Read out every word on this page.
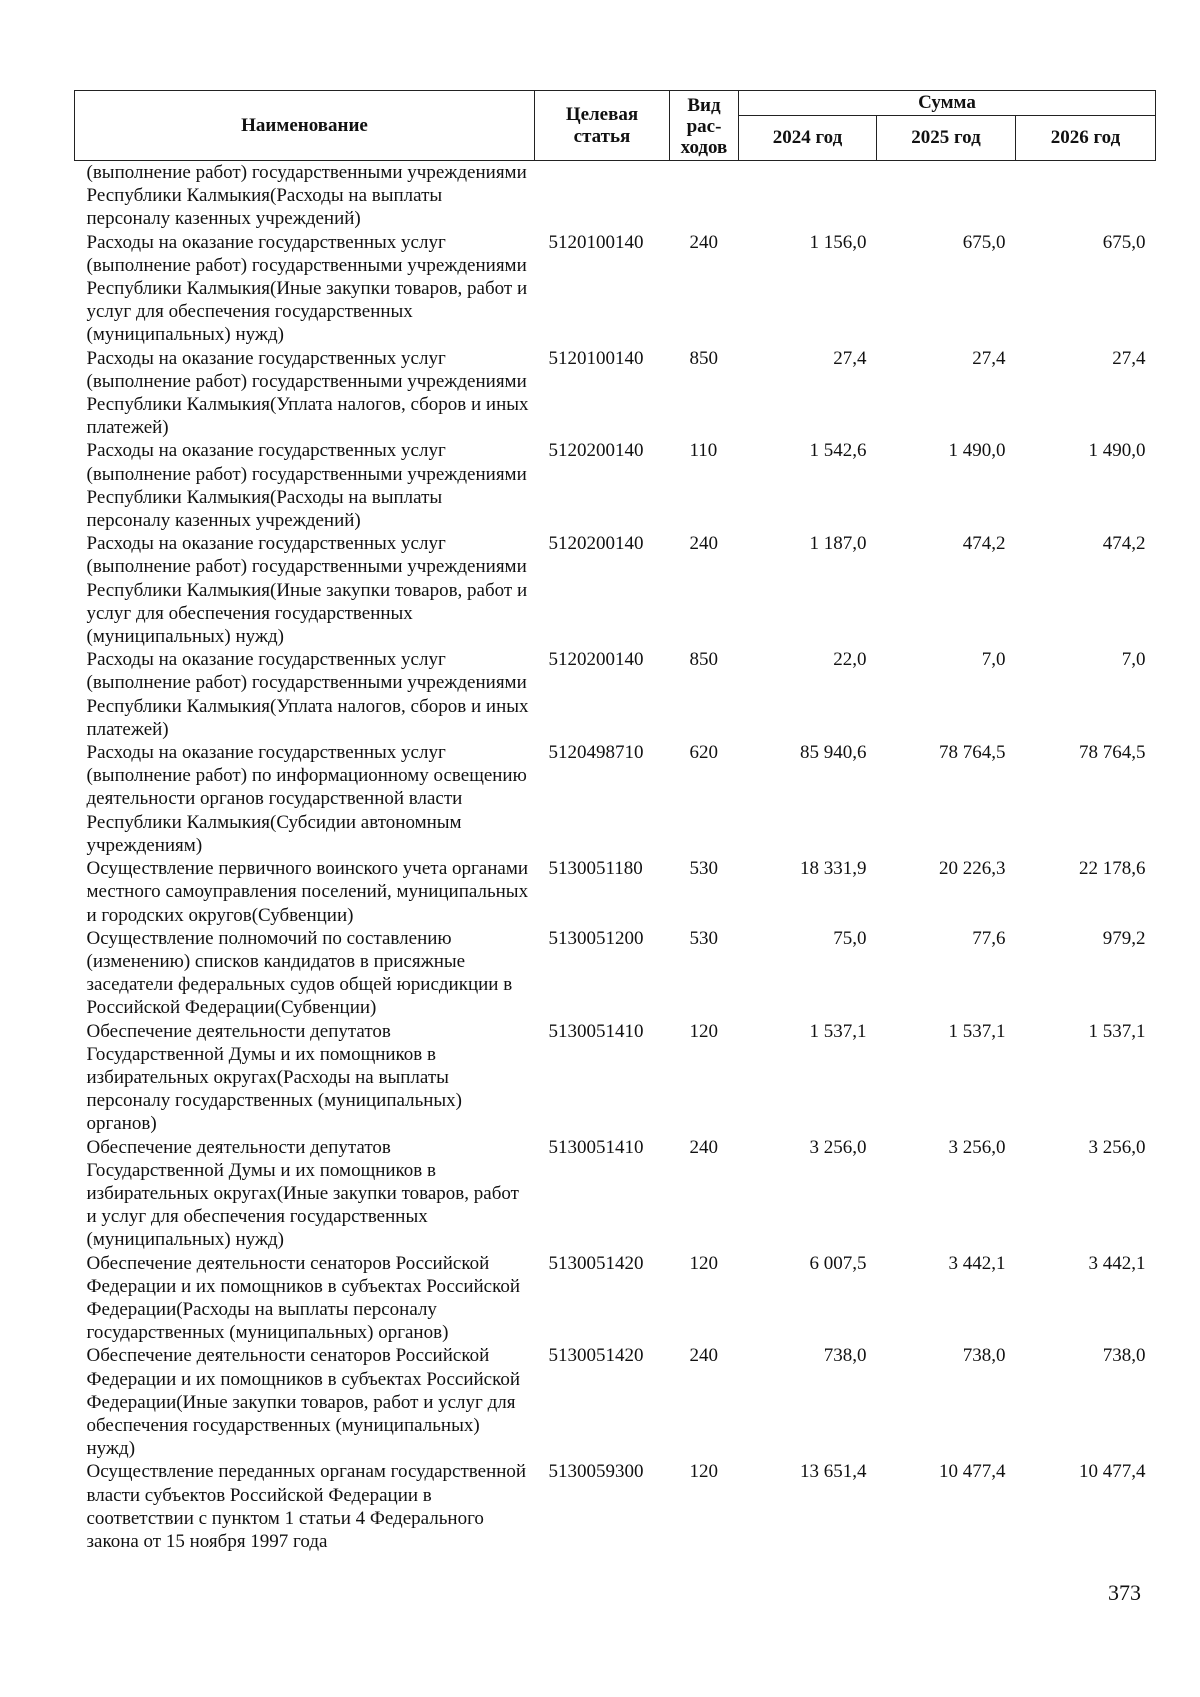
Наименование	Целевая статья	Вид рас-ходов	Сумма		
			2024 год	2025 год	2026 год
(выполнение работ) государственными учреждениями Республики Калмыкия(Расходы на выплаты персоналу казенных учреждений)					
Расходы на оказание государственных услуг (выполнение работ) государственными учреждениями Республики Калмыкия(Иные закупки товаров, работ и услуг для обеспечения государственных (муниципальных) нужд)	5120100140	240	1 156,0	675,0	675,0
Расходы на оказание государственных услуг (выполнение работ) государственными учреждениями Республики Калмыкия(Уплата налогов, сборов и иных платежей)	5120100140	850	27,4	27,4	27,4
Расходы на оказание государственных услуг (выполнение работ) государственными учреждениями Республики Калмыкия(Расходы на выплаты персоналу казенных учреждений)	5120200140	110	1 542,6	1 490,0	1 490,0
Расходы на оказание государственных услуг (выполнение работ) государственными учреждениями Республики Калмыкия(Иные закупки товаров, работ и услуг для обеспечения государственных (муниципальных) нужд)	5120200140	240	1 187,0	474,2	474,2
Расходы на оказание государственных услуг (выполнение работ) государственными учреждениями Республики Калмыкия(Уплата налогов, сборов и иных платежей)	5120200140	850	22,0	7,0	7,0
Расходы на оказание государственных услуг (выполнение работ) по информационному освещению деятельности органов государственной власти Республики Калмыкия(Субсидии автономным учреждениям)	5120498710	620	85 940,6	78 764,5	78 764,5
Осуществление первичного воинского учета органами местного самоуправления поселений, муниципальных и городских округов(Субвенции)	5130051180	530	18 331,9	20 226,3	22 178,6
Осуществление полномочий по составлению (изменению) списков кандидатов в присяжные заседатели федеральных судов общей юрисдикции в Российской Федерации(Субвенции)	5130051200	530	75,0	77,6	979,2
Обеспечение деятельности депутатов Государственной Думы и их помощников в избирательных округах(Расходы на выплаты персоналу государственных (муниципальных) органов)	5130051410	120	1 537,1	1 537,1	1 537,1
Обеспечение деятельности депутатов Государственной Думы и их помощников в избирательных округах(Иные закупки товаров, работ и услуг для обеспечения государственных (муниципальных) нужд)	5130051410	240	3 256,0	3 256,0	3 256,0
Обеспечение деятельности сенаторов Российской Федерации и их помощников в субъектах Российской Федерации(Расходы на выплаты персоналу государственных (муниципальных) органов)	5130051420	120	6 007,5	3 442,1	3 442,1
Обеспечение деятельности сенаторов Российской Федерации и их помощников в субъектах Российской Федерации(Иные закупки товаров, работ и услуг для обеспечения государственных (муниципальных) нужд)	5130051420	240	738,0	738,0	738,0
Осуществление переданных органам государственной власти субъектов Российской Федерации в соответствии с пунктом 1 статьи 4 Федерального закона от 15 ноября 1997 года	5130059300	120	13 651,4	10 477,4	10 477,4
373
